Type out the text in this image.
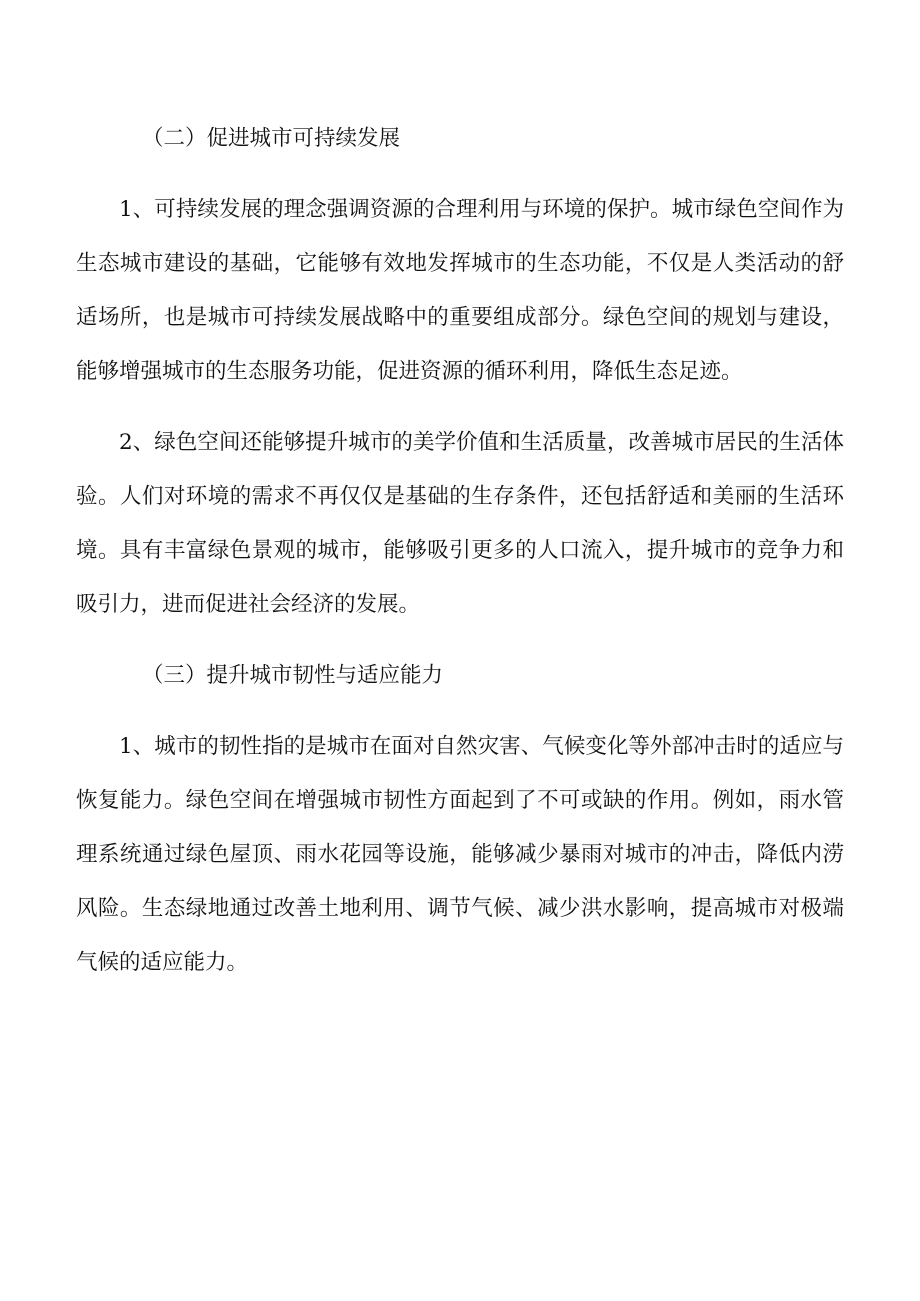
（二）促进城市可持续发展

1、可持续发展的理念强调资源的合理利用与环境的保护。城市绿色空间作为生态城市建设的基础，它能够有效地发挥城市的生态功能，不仅是人类活动的舒适场所，也是城市可持续发展战略中的重要组成部分。绿色空间的规划与建设，能够增强城市的生态服务功能，促进资源的循环利用，降低生态足迹。

2、绿色空间还能够提升城市的美学价值和生活质量，改善城市居民的生活体验。人们对环境的需求不再仅仅是基础的生存条件，还包括舒适和美丽的生活环境。具有丰富绿色景观的城市，能够吸引更多的人口流入，提升城市的竞争力和吸引力，进而促进社会经济的发展。

（三）提升城市韧性与适应能力

1、城市的韧性指的是城市在面对自然灾害、气候变化等外部冲击时的适应与恢复能力。绿色空间在增强城市韧性方面起到了不可或缺的作用。例如，雨水管理系统通过绿色屋顶、雨水花园等设施，能够减少暴雨对城市的冲击，降低内涝风险。生态绿地通过改善土地利用、调节气候、减少洪水影响，提高城市对极端气候的适应能力。
